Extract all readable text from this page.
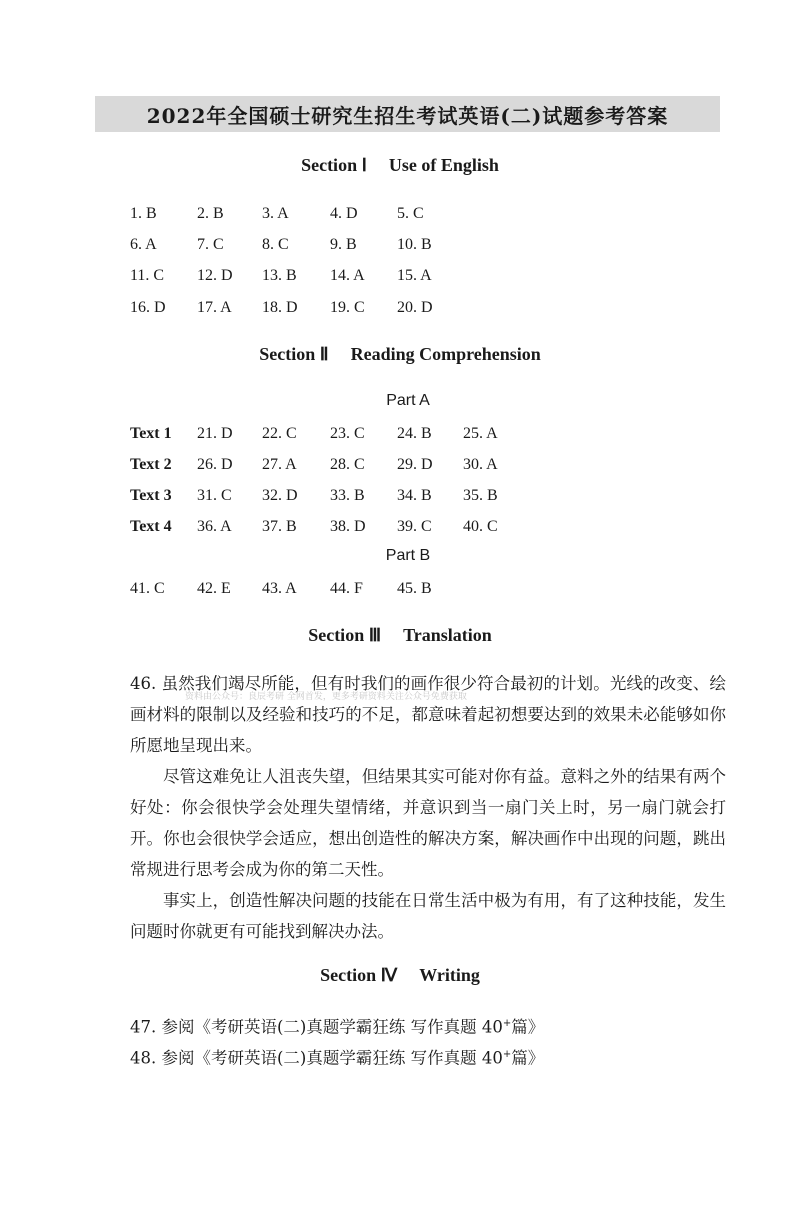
2022年全国硕士研究生招生考试英语(二)试题参考答案
Section Ⅰ Use of English
1. B	2. B 3. A	4. D 5. C
6. A	7. C 8. C	9. B	10. B
11. C 12. D 13. B 14. A 15. A
16. D 17. A 18. D 19. C 20. D
Section Ⅱ Reading Comprehension
Part A
Text 1 21. D 22. C 23. C 24. B 25. A
Text 2 26. D 27. A 28. C 29. D 30. A
Text 3 31. C 32. D 33. B 34. B 35. B
Text 4 36. A 37. B 38. D 39. C 40. C
Part B
41. C 42. E 43. A 44. F 45. B
Section Ⅲ Translation

46. 虽然我们竭尽所能，但有时我们的画作很少符合最初的计划。光线的改变、绘画材料的限制以及经验和技巧的不足，都意味着起初想要达到的效果未必能够如你所愿地呈现出来。

尽管这难免让人沮丧失望，但结果其实可能对你有益。意料之外的结果有两个好处：你会很快学会处理失望情绪，并意识到当一扇门关上时，另一扇门就会打开。你也会很快学会适应，想出创造性的解决方案，解决画作中出现的问题，跳出常规进行思考会成为你的第二天性。

事实上，创造性解决问题的技能在日常生活中极为有用，有了这种技能，发生问题时你就更有可能找到解决办法。

资料由公众号：良辰考研 全网首发，更多考研资料关注公众号免费获取
Section Ⅳ Writing
47. 参阅《考研英语(二)真题学霸狂练 写作真题 40+篇》
48. 参阅《考研英语(二)真题学霸狂练 写作真题 40+篇》
